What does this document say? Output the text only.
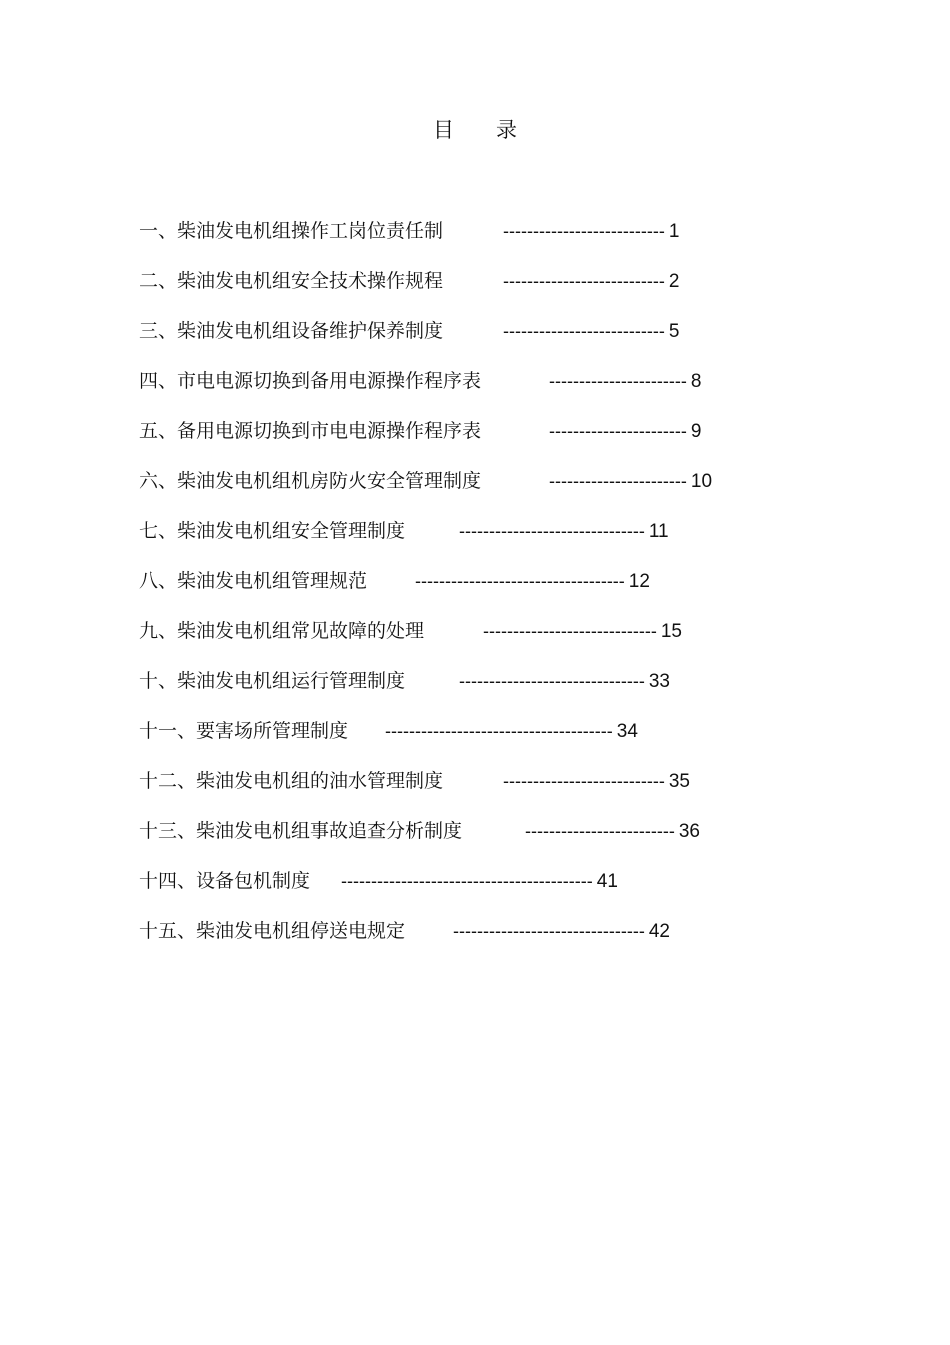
目 录
一、柴油发电机组操作工岗位责任制	--------------------------- 1
二、柴油发电机组安全技术操作规程	--------------------------- 2
三、柴油发电机组设备维护保养制度	--------------------------- 5
四、市电电源切换到备用电源操作程序表	----------------------- 8
五、备用电源切换到市电电源操作程序表	----------------------- 9
六、柴油发电机组机房防火安全管理制度	----------------------- 10
七、柴油发电机组安全管理制度	------------------------------- 11
八、柴油发电机组管理规范	----------------------------------- 12
九、柴油发电机组常见故障的处理	----------------------------- 15
十、柴油发电机组运行管理制度	------------------------------- 33
十一、要害场所管理制度 -------------------------------------- 34
十二、柴油发电机组的油水管理制度	--------------------------- 35
十三、柴油发电机组事故追查分析制度	------------------------- 36
十四、设备包机制度 ------------------------------------------ 41
十五、柴油发电机组停送电规定	-------------------------------- 42
